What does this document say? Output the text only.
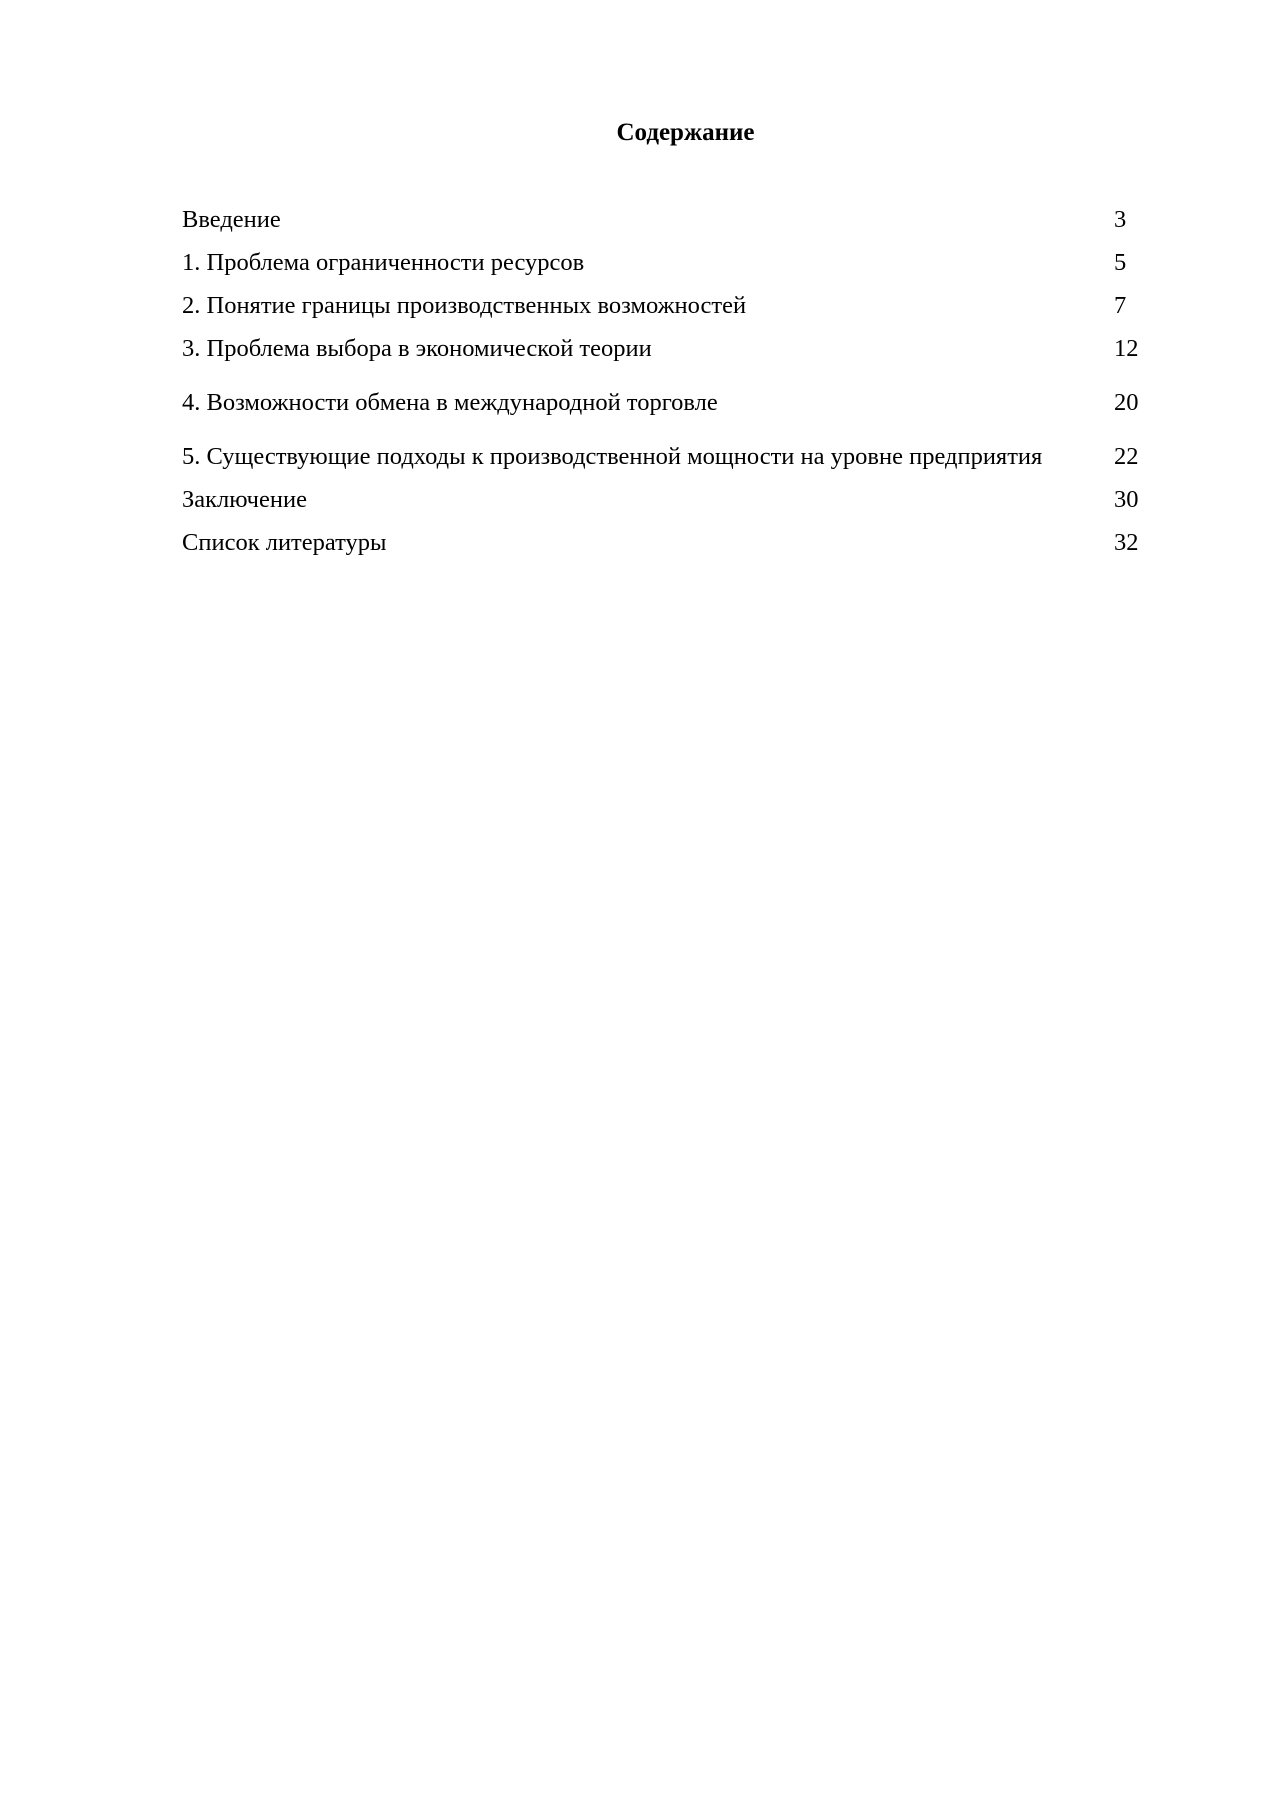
Содержание
Введение	3
1. Проблема ограниченности ресурсов	5
2. Понятие границы производственных возможностей	7
3. Проблема выбора в экономической теории	12
4. Возможности обмена в международной торговле	20
5. Существующие подходы к производственной мощности на уровне предприятия	22
Заключение	30
Список литературы	32
